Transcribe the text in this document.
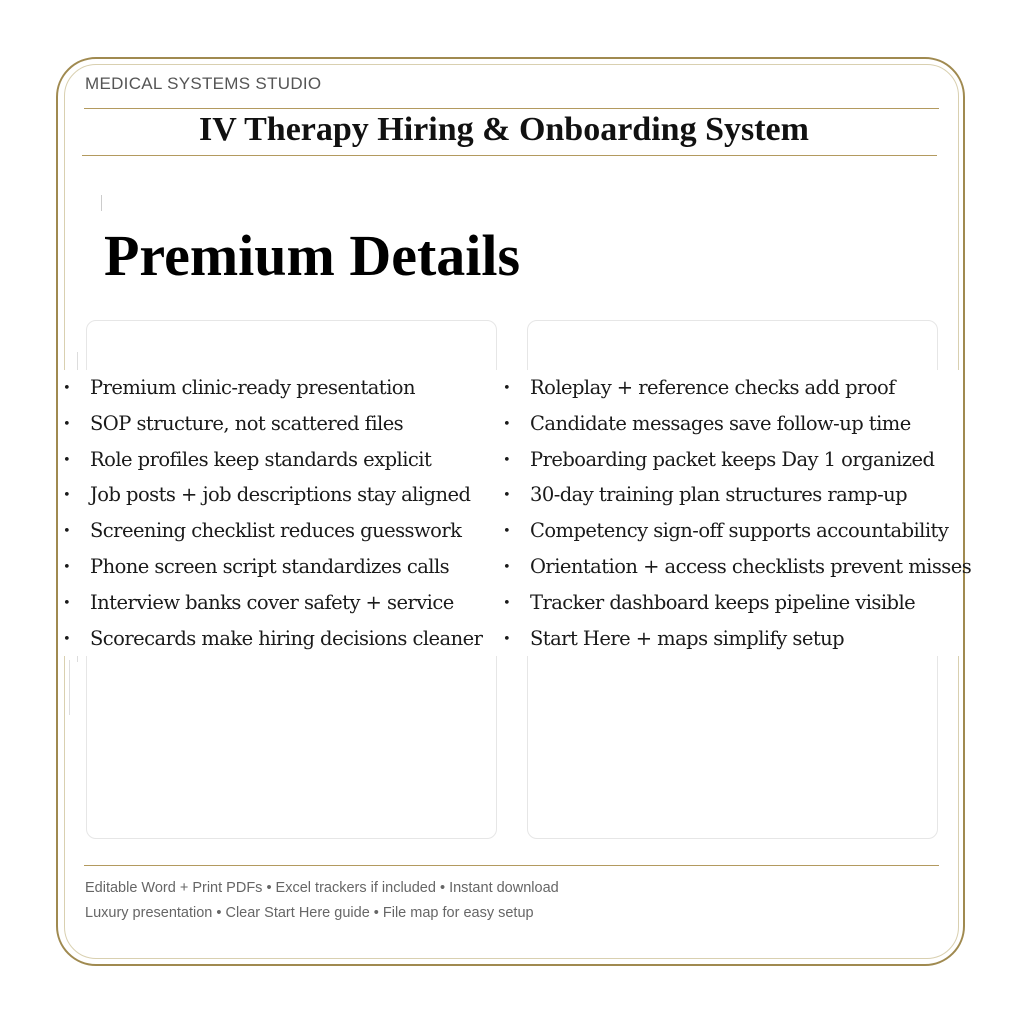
MEDICAL SYSTEMS STUDIO
IV Therapy Hiring & Onboarding System
Premium Details
• Premium clinic-ready presentation
• SOP structure, not scattered files
• Role profiles keep standards explicit
• Job posts + job descriptions stay aligned
• Screening checklist reduces guesswork
• Phone screen script standardizes calls
• Interview banks cover safety + service
• Scorecards make hiring decisions cleaner
• Roleplay + reference checks add proof
• Candidate messages save follow-up time
• Preboarding packet keeps Day 1 organized
• 30-day training plan structures ramp-up
• Competency sign-off supports accountability
• Orientation + access checklists prevent misses
• Tracker dashboard keeps pipeline visible
• Start Here + maps simplify setup
Editable Word + Print PDFs • Excel trackers if included • Instant download
Luxury presentation • Clear Start Here guide • File map for easy setup
